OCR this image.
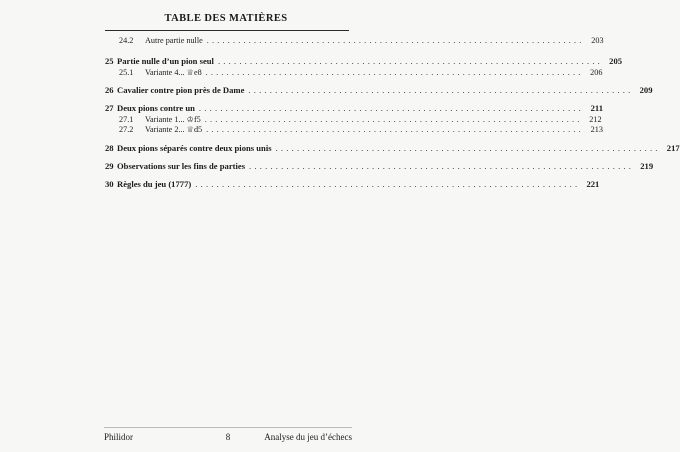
TABLE DES MATIÈRES
24.2	Autre partie nulle ........................................................................ 203
25 Partie nulle d’un pion seul ........................................................................ 205
25.1	Variante 4... ♕e8 ........................................................................ 206
26 Cavalier contre pion près de Dame ........................................................................ 209
27 Deux pions contre un ........................................................................ 211
27.1	Variante 1... ♔f5 ........................................................................ 212
27.2	Variante 2... ♕d5 ........................................................................ 213
28 Deux pions séparés contre deux pions unis ........................................................................ 217
29 Observations sur les fins de parties ........................................................................ 219
30 Règles du jeu (1777) ........................................................................ 221
Philidor	8	Analyse du jeu d’échecs
